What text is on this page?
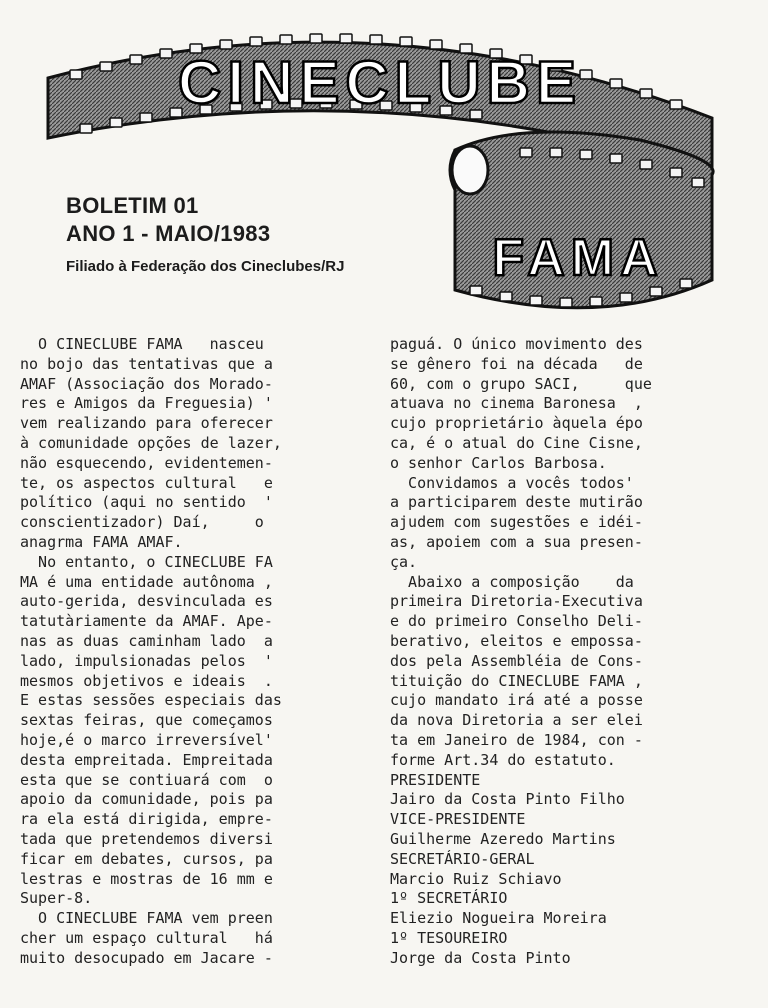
CINECLUBE
FAMA
BOLETIM 01
ANO 1 - MAIO/1983
Filiado à Federação dos Cineclubes/RJ
O CINECLUBE FAMA   nasceu
no bojo das tentativas que a
AMAF (Associação dos Morado-
res e Amigos da Freguesia) '
vem realizando para oferecer
à comunidade opções de lazer,
não esquecendo, evidentemen-
te, os aspectos cultural   e
político (aqui no sentido  '
conscientizador) Daí,     o
anagrma FAMA AMAF.
No entanto, o CINECLUBE FA
MA é uma entidade autônoma ,
auto-gerida, desvinculada es
tatutàriamente da AMAF. Ape-
nas as duas caminham lado  a
lado, impulsionadas pelos  '
mesmos objetivos e ideais  .
E estas sessões especiais das
sextas feiras, que começamos
hoje,é o marco irreversível'
desta empreitada. Empreitada
esta que se contiuará com  o
apoio da comunidade, pois pa
ra ela está dirigida, empre-
tada que pretendemos diversi
ficar em debates, cursos, pa
lestras e mostras de 16 mm e
Super-8.
O CINECLUBE FAMA vem preen
cher um espaço cultural   há
muito desocupado em Jacare -
paguá. O único movimento des
se gênero foi na década   de
60, com o grupo SACI,     que
atuava no cinema Baronesa  ,
cujo proprietário àquela épo
ca, é o atual do Cine Cisne,
o senhor Carlos Barbosa.
Convidamos a vocês todos'
a participarem deste mutirão
ajudem com sugestões e idéi-
as, apoiem com a sua presen-
ça.
Abaixo a composição    da
primeira Diretoria-Executiva
e do primeiro Conselho Deli-
berativo, eleitos e empossa-
dos pela Assembléia de Cons-
tituição do CINECLUBE FAMA ,
cujo mandato irá até a posse
da nova Diretoria a ser elei
ta em Janeiro de 1984, con -
forme Art.34 do estatuto.
PRESIDENTE
Jairo da Costa Pinto Filho
VICE-PRESIDENTE
Guilherme Azeredo Martins
SECRETÁRIO-GERAL
Marcio Ruiz Schiavo
1º SECRETÁRIO
Eliezio Nogueira Moreira
1º TESOUREIRO
Jorge da Costa Pinto
